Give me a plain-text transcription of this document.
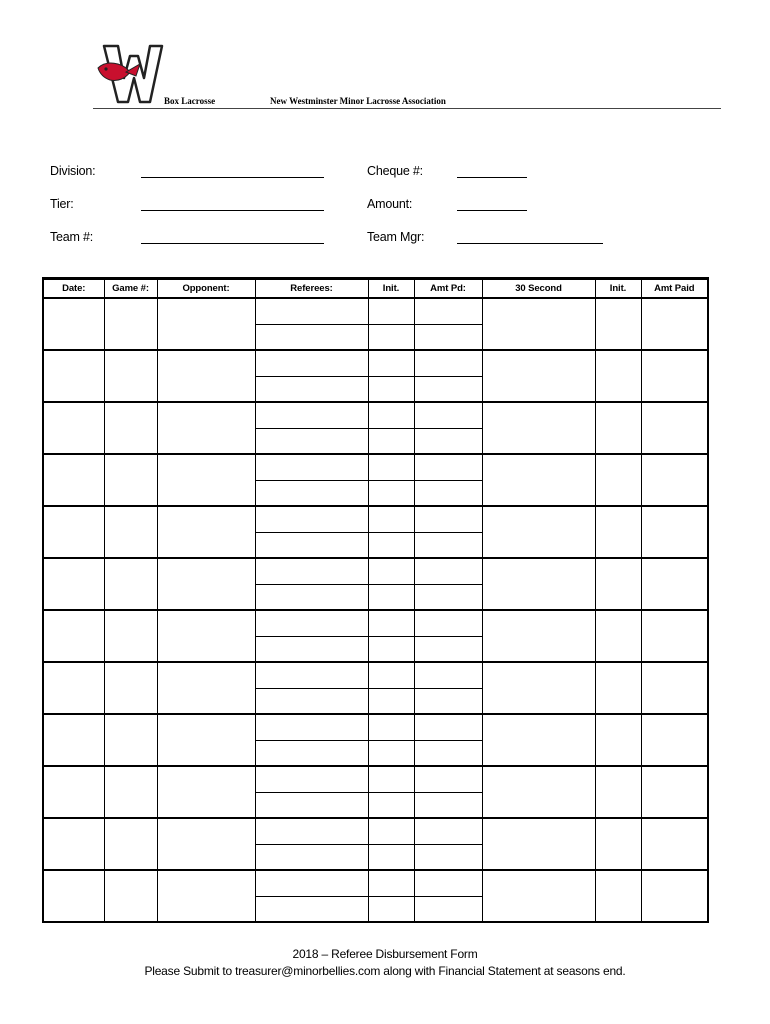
Box Lacrosse	New Westminster Minor Lacrosse Association
Division:
Tier:
Team #:
Cheque #:
Amount:
Team Mgr:
Date:	Game #:	Opponent:	Referees:	Init.	Amt Pd:	30 Second	Init.	Amt Paid

2018 – Referee Disbursement Form
Please Submit to treasurer@minorbellies.com along with Financial Statement at seasons end.
